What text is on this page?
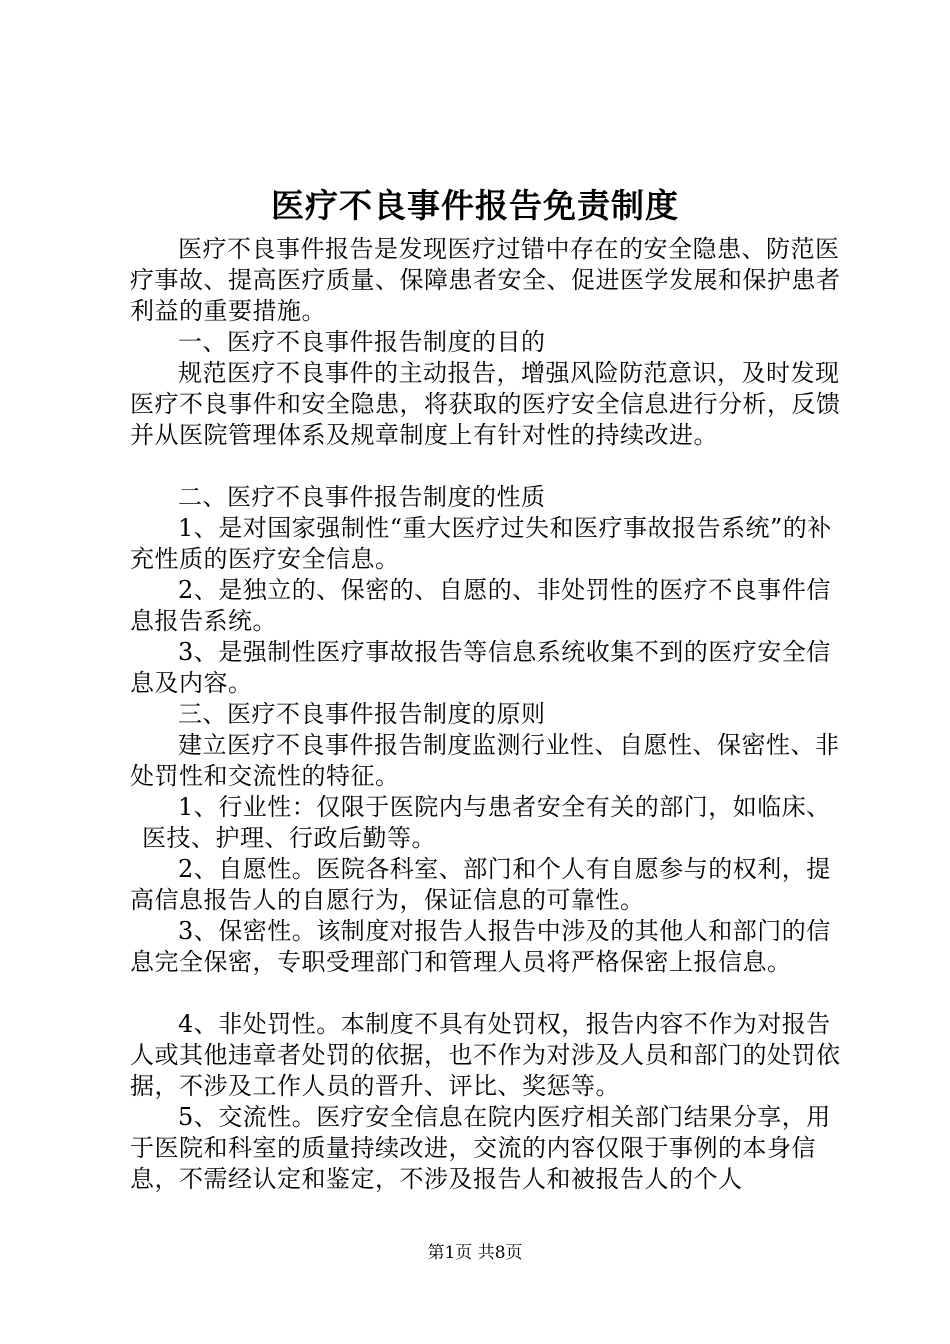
医疗不良事件报告免责制度

医疗不良事件报告是发现医疗过错中存在的安全隐患、防范医疗事故、提高医疗质量、保障患者安全、促进医学发展和保护患者利益的重要措施。

一、医疗不良事件报告制度的目的

规范医疗不良事件的主动报告，增强风险防范意识，及时发现医疗不良事件和安全隐患，将获取的医疗安全信息进行分析，反馈并从医院管理体系及规章制度上有针对性的持续改进。

二、医疗不良事件报告制度的性质

1、是对国家强制性“重大医疗过失和医疗事故报告系统”的补充性质的医疗安全信息。

2、是独立的、保密的、自愿的、非处罚性的医疗不良事件信息报告系统。

3、是强制性医疗事故报告等信息系统收集不到的医疗安全信息及内容。

三、医疗不良事件报告制度的原则

建立医疗不良事件报告制度监测行业性、自愿性、保密性、非处罚性和交流性的特征。

1、行业性：仅限于医院内与患者安全有关的部门，如临床、医技、护理、行政后勤等。

2、自愿性。医院各科室、部门和个人有自愿参与的权利，提高信息报告人的自愿行为，保证信息的可靠性。

3、保密性。该制度对报告人报告中涉及的其他人和部门的信息完全保密，专职受理部门和管理人员将严格保密上报信息。

4、非处罚性。本制度不具有处罚权，报告内容不作为对报告人或其他违章者处罚的依据，也不作为对涉及人员和部门的处罚依据，不涉及工作人员的晋升、评比、奖惩等。

5、交流性。医疗安全信息在院内医疗相关部门结果分享，用于医院和科室的质量持续改进，交流的内容仅限于事例的本身信息，不需经认定和鉴定，不涉及报告人和被报告人的个人

第1页 共8页
